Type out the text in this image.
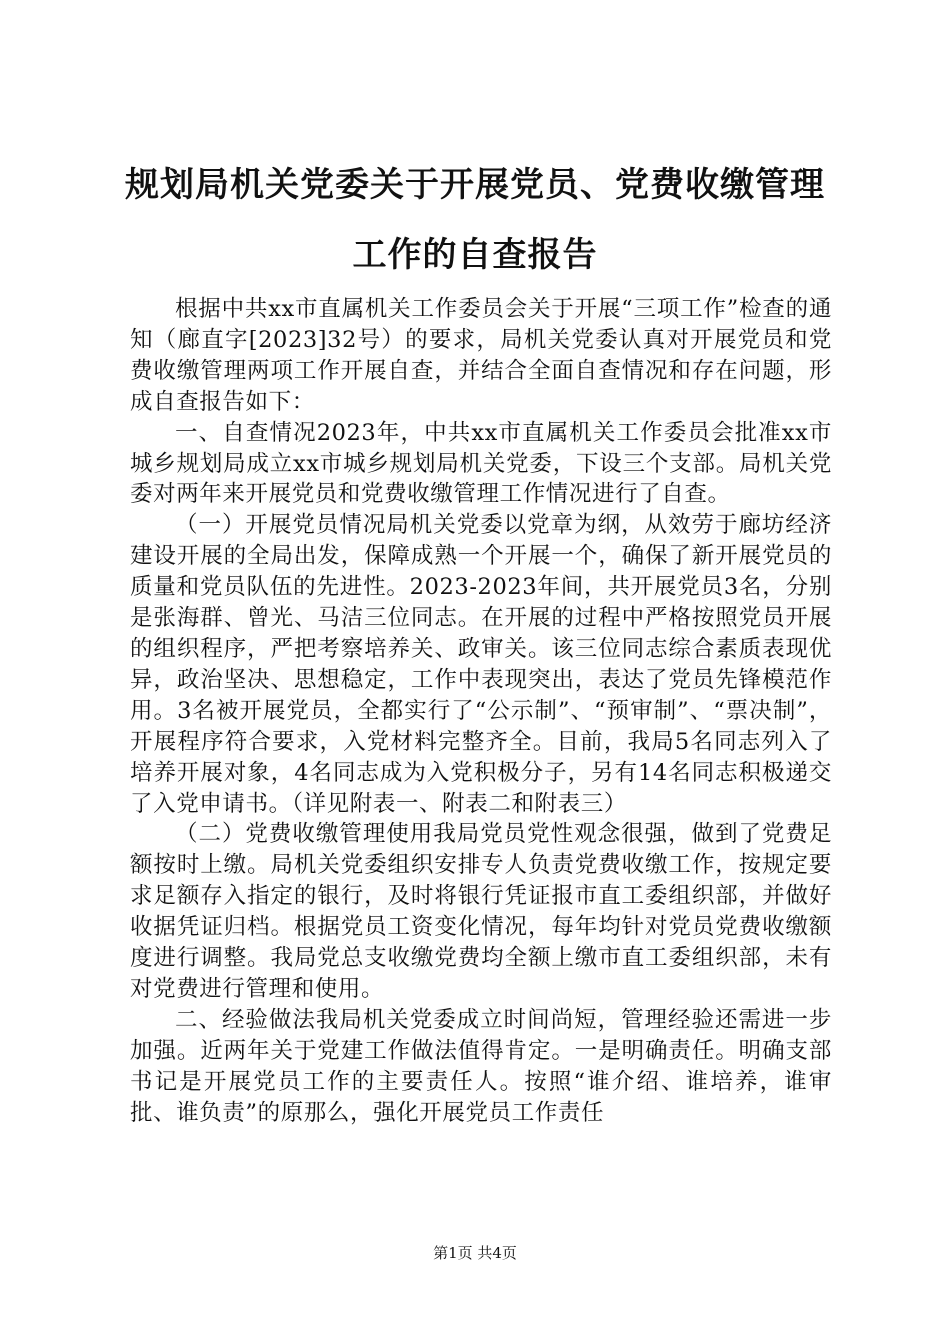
规划局机关党委关于开展党员、党费收缴管理工作的自查报告

根据中共xx市直属机关工作委员会关于开展“三项工作”检查的通知（廊直字[2023]32号）的要求，局机关党委认真对开展党员和党费收缴管理两项工作开展自查，并结合全面自查情况和存在问题，形成自查报告如下：

一、自查情况2023年，中共xx市直属机关工作委员会批准xx市城乡规划局成立xx市城乡规划局机关党委，下设三个支部。局机关党委对两年来开展党员和党费收缴管理工作情况进行了自查。

（一）开展党员情况局机关党委以党章为纲，从效劳于廊坊经济建设开展的全局出发，保障成熟一个开展一个，确保了新开展党员的质量和党员队伍的先进性。2023-2023年间，共开展党员3名，分别是张海群、曾光、马洁三位同志。在开展的过程中严格按照党员开展的组织程序，严把考察培养关、政审关。该三位同志综合素质表现优异，政治坚决、思想稳定，工作中表现突出，表达了党员先锋模范作用。3名被开展党员，全都实行了“公示制”、“预审制”、“票决制”，开展程序符合要求，入党材料完整齐全。目前，我局5名同志列入了培养开展对象，4名同志成为入党积极分子，另有14名同志积极递交了入党申请书。（详见附表一、附表二和附表三）

（二）党费收缴管理使用我局党员党性观念很强，做到了党费足额按时上缴。局机关党委组织安排专人负责党费收缴工作，按规定要求足额存入指定的银行，及时将银行凭证报市直工委组织部，并做好收据凭证归档。根据党员工资变化情况，每年均针对党员党费收缴额度进行调整。我局党总支收缴党费均全额上缴市直工委组织部，未有对党费进行管理和使用。

二、经验做法我局机关党委成立时间尚短，管理经验还需进一步加强。近两年关于党建工作做法值得肯定。一是明确责任。明确支部书记是开展党员工作的主要责任人。按照“谁介绍、谁培养，谁审批、谁负责”的原那么，强化开展党员工作责任

第1页 共4页
